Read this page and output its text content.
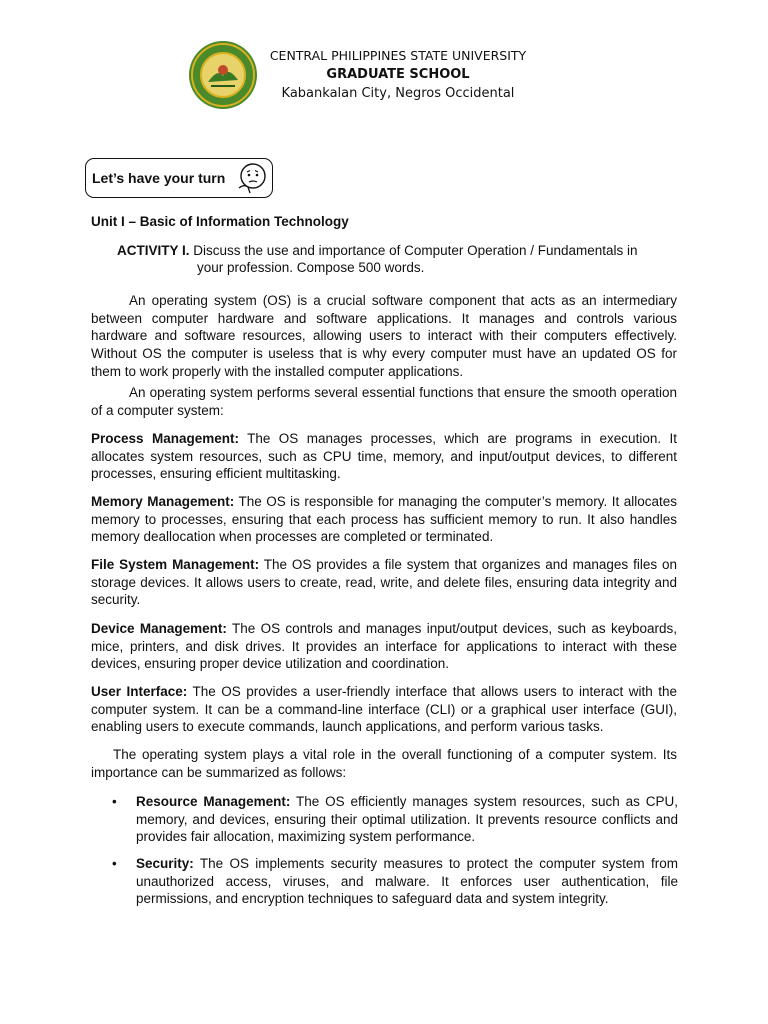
CENTRAL PHILIPPINES STATE UNIVERSITY
GRADUATE SCHOOL
Kabankalan City, Negros Occidental
Let’s have your turn
Unit I – Basic of Information Technology
ACTIVITY I. Discuss the use and importance of Computer Operation / Fundamentals in
your profession. Compose 500 words.
An operating system (OS) is a crucial software component that acts as an intermediary between computer hardware and software applications. It manages and controls various hardware and software resources, allowing users to interact with their computers effectively. Without OS the computer is useless that is why every computer must have an updated OS for them to work properly with the installed computer applications.
An operating system performs several essential functions that ensure the smooth operation of a computer system:
Process Management: The OS manages processes, which are programs in execution. It allocates system resources, such as CPU time, memory, and input/output devices, to different processes, ensuring efficient multitasking.
Memory Management: The OS is responsible for managing the computer’s memory. It allocates memory to processes, ensuring that each process has sufficient memory to run. It also handles memory deallocation when processes are completed or terminated.
File System Management: The OS provides a file system that organizes and manages files on storage devices. It allows users to create, read, write, and delete files, ensuring data integrity and security.
Device Management: The OS controls and manages input/output devices, such as keyboards, mice, printers, and disk drives. It provides an interface for applications to interact with these devices, ensuring proper device utilization and coordination.
User Interface: The OS provides a user-friendly interface that allows users to interact with the computer system. It can be a command-line interface (CLI) or a graphical user interface (GUI), enabling users to execute commands, launch applications, and perform various tasks.
The operating system plays a vital role in the overall functioning of a computer system. Its importance can be summarized as follows:
• Resource Management: The OS efficiently manages system resources, such as CPU, memory, and devices, ensuring their optimal utilization. It prevents resource conflicts and provides fair allocation, maximizing system performance.
• Security: The OS implements security measures to protect the computer system from unauthorized access, viruses, and malware. It enforces user authentication, file permissions, and encryption techniques to safeguard data and system integrity.
